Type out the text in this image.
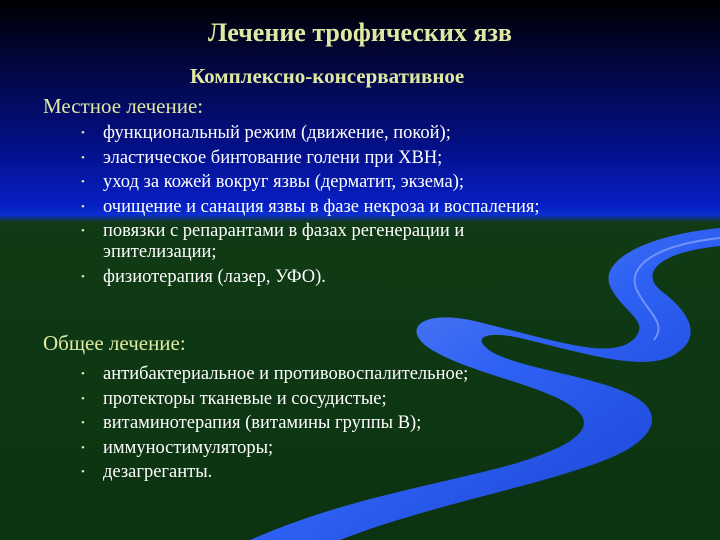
Лечение трофических язв
Комплексно-консервативное
Местное лечение:
• функциональный режим (движение, покой);
• эластическое бинтование голени при ХВН;
• уход за кожей вокруг язвы (дерматит, экзема);
• очищение и санация язвы в фазе некроза и воспаления;
• повязки с репарантами в фазах регенерации и эпителизации;
• физиотерапия (лазер, УФО).
Общее лечение:
• антибактериальное и противовоспалительное;
• протекторы тканевые и сосудистые;
• витаминотерапия (витамины группы В);
• иммуностимуляторы;
• дезагреганты.
